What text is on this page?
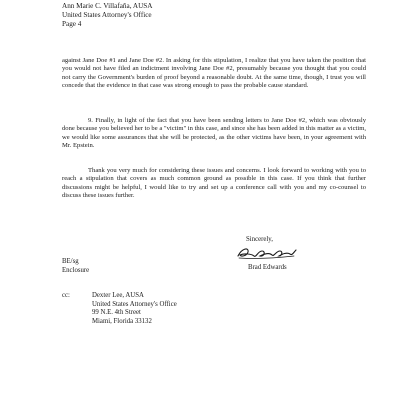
Ann Marie C. Villafaña, AUSA
United States Attorney's Office
Page 4

against Jane Doe #1 and Jane Doe #2. In asking for this stipulation, I realize that you have taken the position that you would not have filed an indictment involving Jane Doe #2, presumably because you thought that you could not carry the Government's burden of proof beyond a reasonable doubt. At the same time, though, I trust you will concede that the evidence in that case was strong enough to pass the probable cause standard.

9. Finally, in light of the fact that you have been sending letters to Jane Doe #2, which was obviously done because you believed her to be a "victim" in this case, and since she has been added in this matter as a victim, we would like some assurances that she will be protected, as the other victims have been, in your agreement with Mr. Epstein.

Thank you very much for considering these issues and concerns. I look forward to working with you to reach a stipulation that covers as much common ground as possible in this case. If you think that further discussions might be helpful, I would like to try and set up a conference call with you and my co-counsel to discuss these issues further.

Sincerely,
Brad Edwards
BE/sg
Enclosure
cc:	Dexter Lee, AUSA
United States Attorney's Office
99 N.E. 4th Street
Miami, Florida 33132
